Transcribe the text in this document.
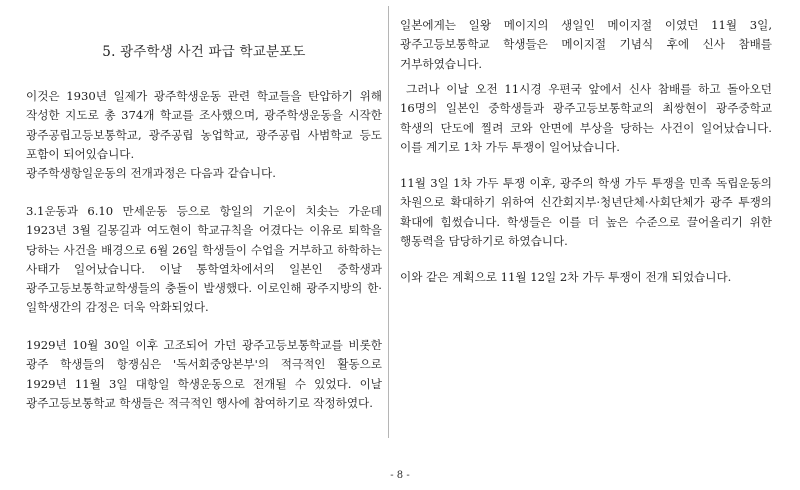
5. 광주학생 사건 파급 학교분포도

이것은 1930년 일제가 광주학생운동 관련 학교들을 탄압하기 위해 작성한 지도로 총 374개 학교를 조사했으며, 광주학생운동을 시작한 광주공립고등보통학교, 광주공립 농업학교, 광주공립 사범학교 등도 포함이 되어있습니다.

광주학생항일운동의 전개과정은 다음과 같습니다.

3.1운동과 6.10 만세운동 등으로 항일의 기운이 치솟는 가운데 1923년 3월 길몽길과 여도현이 학교규칙을 어겼다는 이유로 퇴학을 당하는 사건을 배경으로 6월 26일 학생들이 수업을 거부하고 하학하는 사태가 일어났습니다. 이날 통학열차에서의 일본인 중학생과 광주고등보통학교학생들의 충돌이 발생했다. 이로인해 광주지방의 한·일학생간의 감정은 더욱 악화되었다.

1929년 10월 30일 이후 고조되어 가던 광주고등보통학교를 비롯한 광주 학생들의 항쟁심은 '독서회중앙본부'의 적극적인 활동으로 1929년 11월 3일 대항일 학생운동으로 전개될 수 있었다. 이날 광주고등보통학교 학생들은 적극적인 행사에 참여하기로 작정하였다.

일본에게는 일왕 메이지의 생일인 메이지절 이였던 11월 3일, 광주고등보통학교 학생들은 메이지절 기념식 후에 신사 참배를 거부하였습니다.

그러나 이날 오전 11시경 우편국 앞에서 신사 참배를 하고 돌아오던 16명의 일본인 중학생들과 광주고등보통학교의 최쌍현이 광주중학교 학생의 단도에 찔려 코와 안면에 부상을 당하는 사건이 일어났습니다. 이를 계기로 1차 가두 투쟁이 일어났습니다.

11월 3일 1차 가두 투쟁 이후, 광주의 학생 가두 투쟁을 민족 독립운동의 차원으로 확대하기 위하여 신간회지부·청년단체·사회단체가 광주 투쟁의 확대에 힘썼습니다. 학생들은 이를 더 높은 수준으로 끌어올리기 위한 행동력을 담당하기로 하였습니다.

이와 같은 계획으로 11월 12일 2차 가두 투쟁이 전개 되었습니다.

- 8 -
